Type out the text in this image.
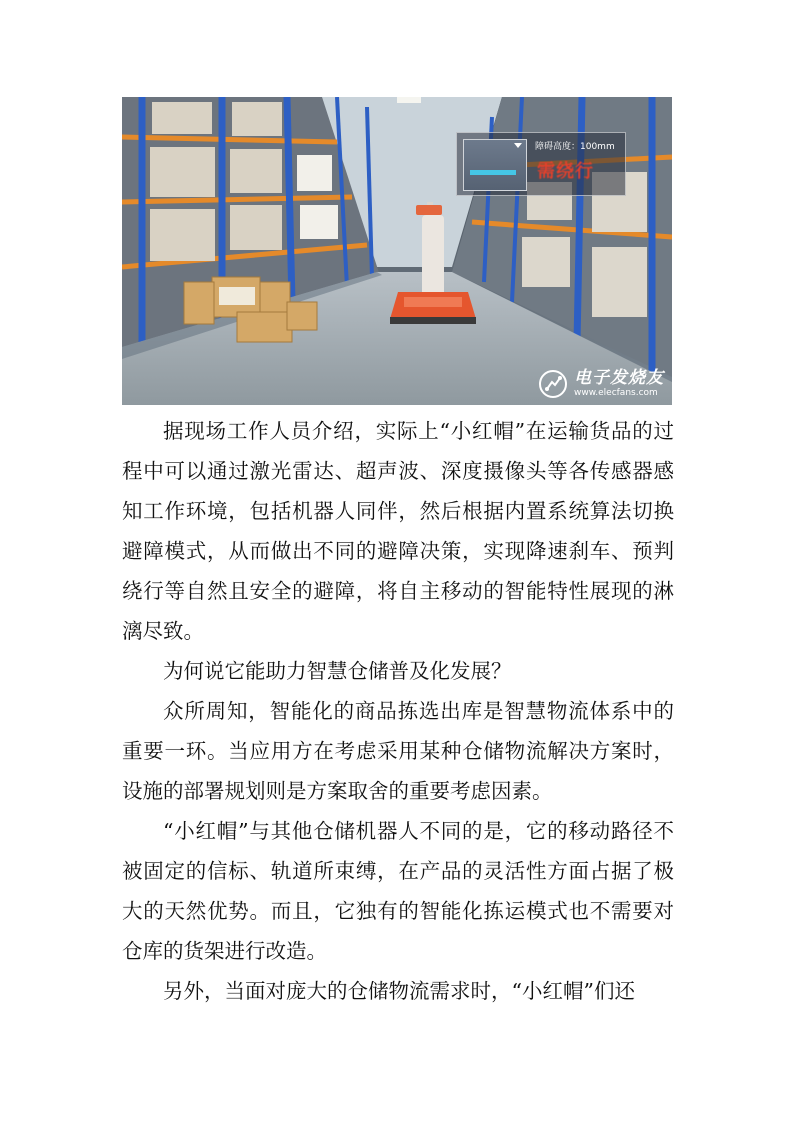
障碍高度：100mm
需绕行
电子发烧友
www.elecfans.com

据现场工作人员介绍，实际上“小红帽”在运输货品的过程中可以通过激光雷达、超声波、深度摄像头等各传感器感知工作环境，包括机器人同伴，然后根据内置系统算法切换避障模式，从而做出不同的避障决策，实现降速刹车、预判绕行等自然且安全的避障，将自主移动的智能特性展现的淋漓尽致。

为何说它能助力智慧仓储普及化发展？

众所周知，智能化的商品拣选出库是智慧物流体系中的重要一环。当应用方在考虑采用某种仓储物流解决方案时，设施的部署规划则是方案取舍的重要考虑因素。

“小红帽”与其他仓储机器人不同的是，它的移动路径不被固定的信标、轨道所束缚，在产品的灵活性方面占据了极大的天然优势。而且，它独有的智能化拣运模式也不需要对仓库的货架进行改造。

另外，当面对庞大的仓储物流需求时，“小红帽”们还
